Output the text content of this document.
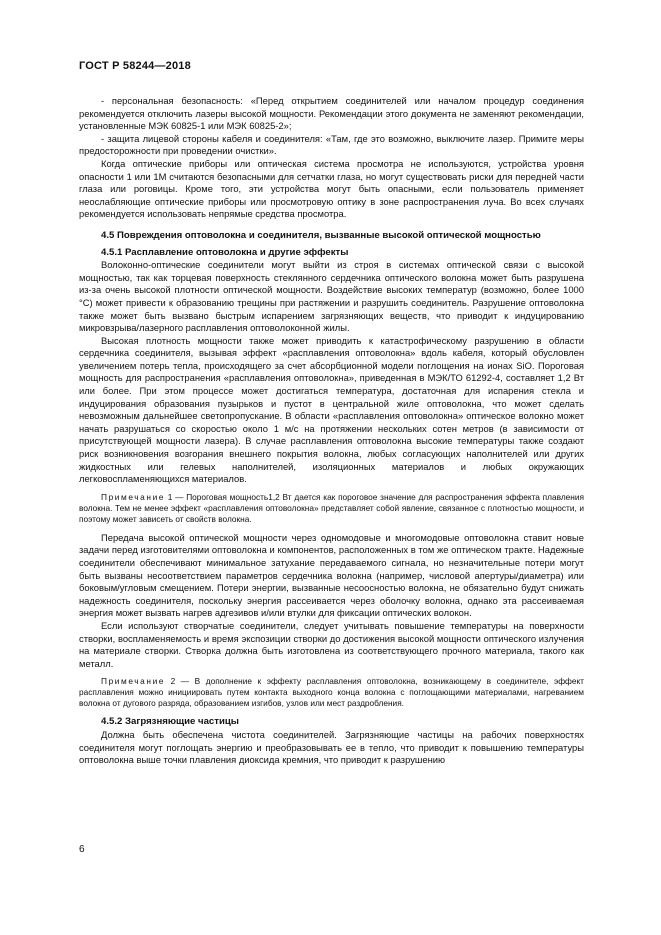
ГОСТ Р 58244—2018

- персональная безопасность: «Перед открытием соединителей или началом процедур соединения рекомендуется отключить лазеры высокой мощности. Рекомендации этого документа не заменяют рекомендации, установленные МЭК 60825-1 или МЭК 60825-2»;

- защита лицевой стороны кабеля и соединителя: «Там, где это возможно, выключите лазер. Примите меры предосторожности при проведении очистки».

Когда оптические приборы или оптическая система просмотра не используются, устройства уровня опасности 1 или 1M считаются безопасными для сетчатки глаза, но могут существовать риски для передней части глаза или роговицы. Кроме того, эти устройства могут быть опасными, если пользователь применяет неослабляющие оптические приборы или просмотровую оптику в зоне распространения луча. Во всех случаях рекомендуется использовать непрямые средства просмотра.

4.5 Повреждения оптоволокна и соединителя, вызванные высокой оптической мощностью
4.5.1 Расплавление оптоволокна и другие эффекты

Волоконно-оптические соединители могут выйти из строя в системах оптической связи с высокой мощностью, так как торцевая поверхность стеклянного сердечника оптического волокна может быть разрушена из-за очень высокой плотности оптической мощности. Воздействие высоких температур (возможно, более 1000 °С) может привести к образованию трещины при растяжении и разрушить соединитель. Разрушение оптоволокна также может быть вызвано быстрым испарением загрязняющих веществ, что приводит к индуцированию микровзрыва/лазерного расплавления оптоволоконной жилы.

Высокая плотность мощности также может приводить к катастрофическому разрушению в области сердечника соединителя, вызывая эффект «расплавления оптоволокна» вдоль кабеля, который обусловлен увеличением потерь тепла, происходящего за счет абсорбционной модели поглощения на ионах SiO. Пороговая мощность для распространения «расплавления оптоволокна», приведенная в МЭК/ТО 61292-4, составляет 1,2 Вт или более. При этом процессе может достигаться температура, достаточная для испарения стекла и индуцирования образования пузырьков и пустот в центральной жиле оптоволокна, что может сделать невозможным дальнейшее светопропускание. В области «расплавления оптоволокна» оптическое волокно может начать разрушаться со скоростью около 1 м/с на протяжении нескольких сотен метров (в зависимости от присутствующей мощности лазера). В случае расплавления оптоволокна высокие температуры также создают риск возникновения возгорания внешнего покрытия волокна, любых согласующих наполнителей или других жидкостных или гелевых наполнителей, изоляционных материалов и любых окружающих легковоспламеняющихся материалов.

Примечание 1 — Пороговая мощность1,2 Вт дается как пороговое значение для распространения эффекта плавления волокна. Тем не менее эффект «расплавления оптоволокна» представляет собой явление, связанное с плотностью мощности, и поэтому может зависеть от свойств волокна.

Передача высокой оптической мощности через одномодовые и многомодовые оптоволокна ставит новые задачи перед изготовителями оптоволокна и компонентов, расположенных в том же оптическом тракте. Надежные соединители обеспечивают минимальное затухание передаваемого сигнала, но незначительные потери могут быть вызваны несоответствием параметров сердечника волокна (например, числовой апертуры/диаметра) или боковым/угловым смещением. Потери энергии, вызванные несоосностью волокна, не обязательно будут снижать надежность соединителя, поскольку энергия рассеивается через оболочку волокна, однако эта рассеиваемая энергия может вызвать нагрев адгезивов и/или втулки для фиксации оптических волокон.

Если используют створчатые соединители, следует учитывать повышение температуры на поверхности створки, воспламеняемость и время экспозиции створки до достижения высокой мощности оптического излучения на материале створки. Створка должна быть изготовлена из соответствующего прочного материала, такого как металл.

Примечание 2 — В дополнение к эффекту расплавления оптоволокна, возникающему в соединителе, эффект расплавления можно инициировать путем контакта выходного конца волокна с поглощающими материалами, нагреванием волокна от дугового разряда, образованием изгибов, узлов или мест раздробления.

4.5.2 Загрязняющие частицы

Должна быть обеспечена чистота соединителей. Загрязняющие частицы на рабочих поверхностях соединителя могут поглощать энергию и преобразовывать ее в тепло, что приводит к повышению температуры оптоволокна выше точки плавления диоксида кремния, что приводит к разрушению

6
